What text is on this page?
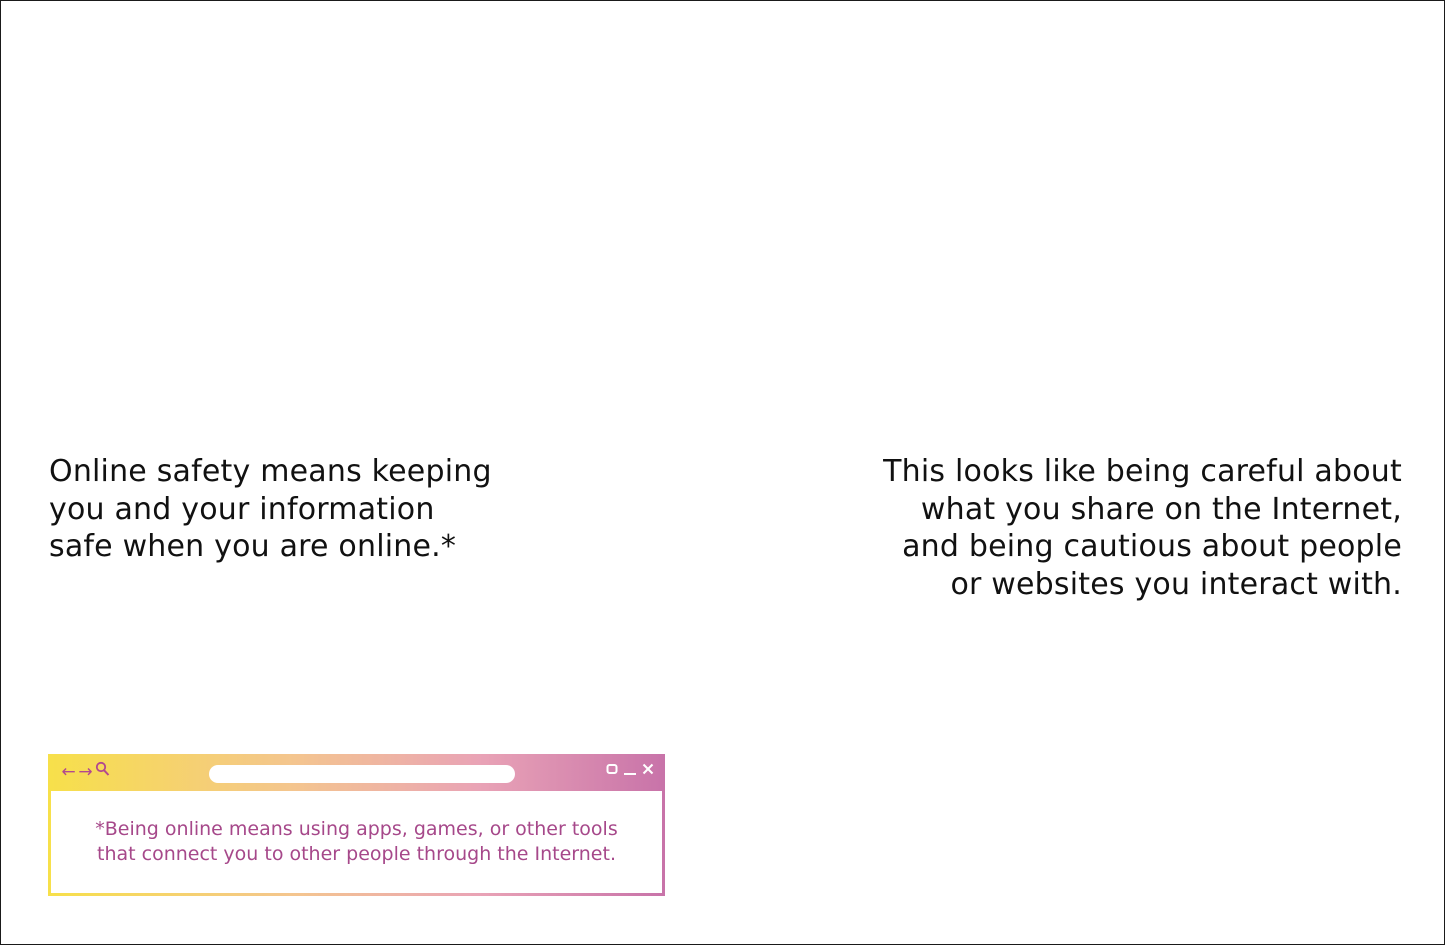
Online safety means keeping
you and your information
safe when you are online.*
This looks like being careful about
what you share on the Internet,
and being cautious about people
or websites you interact with.
← →
*Being online means using apps, games, or other tools
that connect you to other people through the Internet.
